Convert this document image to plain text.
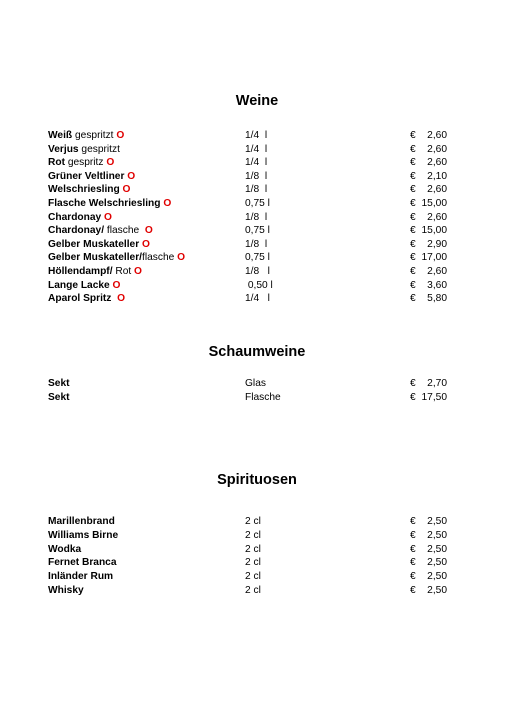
Weine
Weiß gespritzt O	1/4  l	€ 2,60
Verjus gespritzt	1/4  l	€ 2,60
Rot gespritz O	1/4  l	€ 2,60
Grüner Veltliner O	1/8  l	€ 2,10
Welschriesling O	1/8  l	€ 2,60
Flasche Welschriesling O	0,75 l	€ 15,00
Chardonay O	1/8  l	€ 2,60
Chardonay/ flasche  O	0,75 l	€ 15,00
Gelber Muskateller O	1/8  l	€ 2,90
Gelber Muskateller/flasche O	0,75 l	€ 17,00
Höllendampf/ Rot O	1/8   l	€ 2,60
Lange Lacke O	0,50 l	€ 3,60
Aparol Spritz  O	1/4   l	€ 5,80
Schaumweine
Sekt	Glas	€ 2,70
Sekt	Flasche	€ 17,50
Spirituosen
Marillenbrand	2 cl	€ 2,50
Williams Birne	2 cl	€ 2,50
Wodka	2 cl	€ 2,50
Fernet Branca	2 cl	€ 2,50
Inländer Rum	2 cl	€ 2,50
Whisky	2 cl	€ 2,50
